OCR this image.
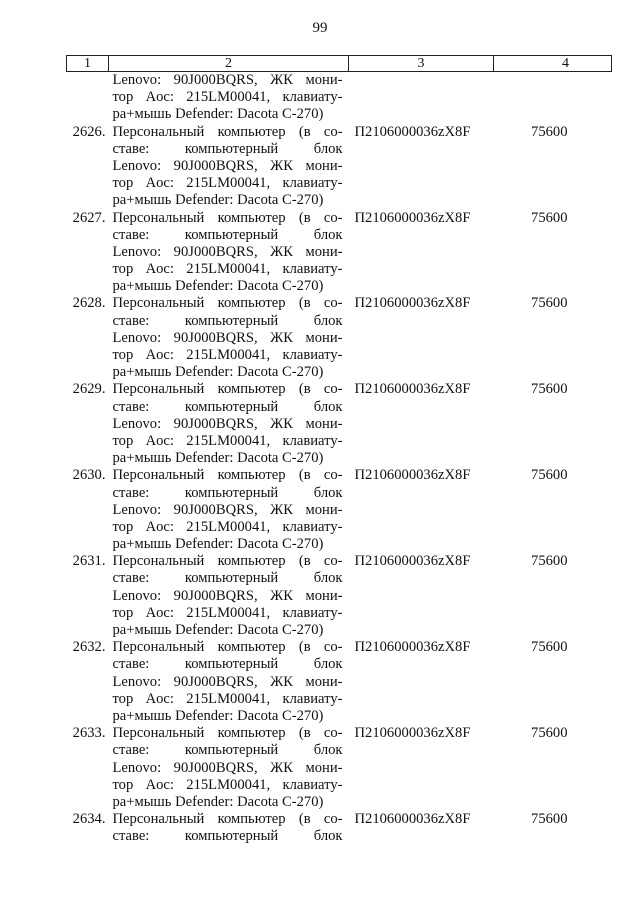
99
1	2	3	4

	Lenovo: 90J000BQRS, ЖК мони-
тор Aoc: 215LM00041, клавиату-
ра+мышь Defender: Dacota C-270)		

2626.	Персональный компьютер (в со-
ставе: компьютерный блок
Lenovo: 90J000BQRS, ЖК мони-
тор Aoc: 215LM00041, клавиату-
ра+мышь Defender: Dacota C-270)	П2106000036zX8F	75600
2627.	Персональный компьютер (в со-
ставе: компьютерный блок
Lenovo: 90J000BQRS, ЖК мони-
тор Aoc: 215LM00041, клавиату-
ра+мышь Defender: Dacota C-270)	П2106000036zX8F	75600
2628.	Персональный компьютер (в со-
ставе: компьютерный блок
Lenovo: 90J000BQRS, ЖК мони-
тор Aoc: 215LM00041, клавиату-
ра+мышь Defender: Dacota C-270)	П2106000036zX8F	75600
2629.	Персональный компьютер (в со-
ставе: компьютерный блок
Lenovo: 90J000BQRS, ЖК мони-
тор Aoc: 215LM00041, клавиату-
ра+мышь Defender: Dacota C-270)	П2106000036zX8F	75600
2630.	Персональный компьютер (в со-
ставе: компьютерный блок
Lenovo: 90J000BQRS, ЖК мони-
тор Aoc: 215LM00041, клавиату-
ра+мышь Defender: Dacota C-270)	П2106000036zX8F	75600
2631.	Персональный компьютер (в со-
ставе: компьютерный блок
Lenovo: 90J000BQRS, ЖК мони-
тор Aoc: 215LM00041, клавиату-
ра+мышь Defender: Dacota C-270)	П2106000036zX8F	75600
2632.	Персональный компьютер (в со-
ставе: компьютерный блок
Lenovo: 90J000BQRS, ЖК мони-
тор Aoc: 215LM00041, клавиату-
ра+мышь Defender: Dacota C-270)	П2106000036zX8F	75600
2633.	Персональный компьютер (в со-
ставе: компьютерный блок
Lenovo: 90J000BQRS, ЖК мони-
тор Aoc: 215LM00041, клавиату-
ра+мышь Defender: Dacota C-270)	П2106000036zX8F	75600
2634.	Персональный компьютер (в со-
ставе: компьютерный блок	П2106000036zX8F	75600
